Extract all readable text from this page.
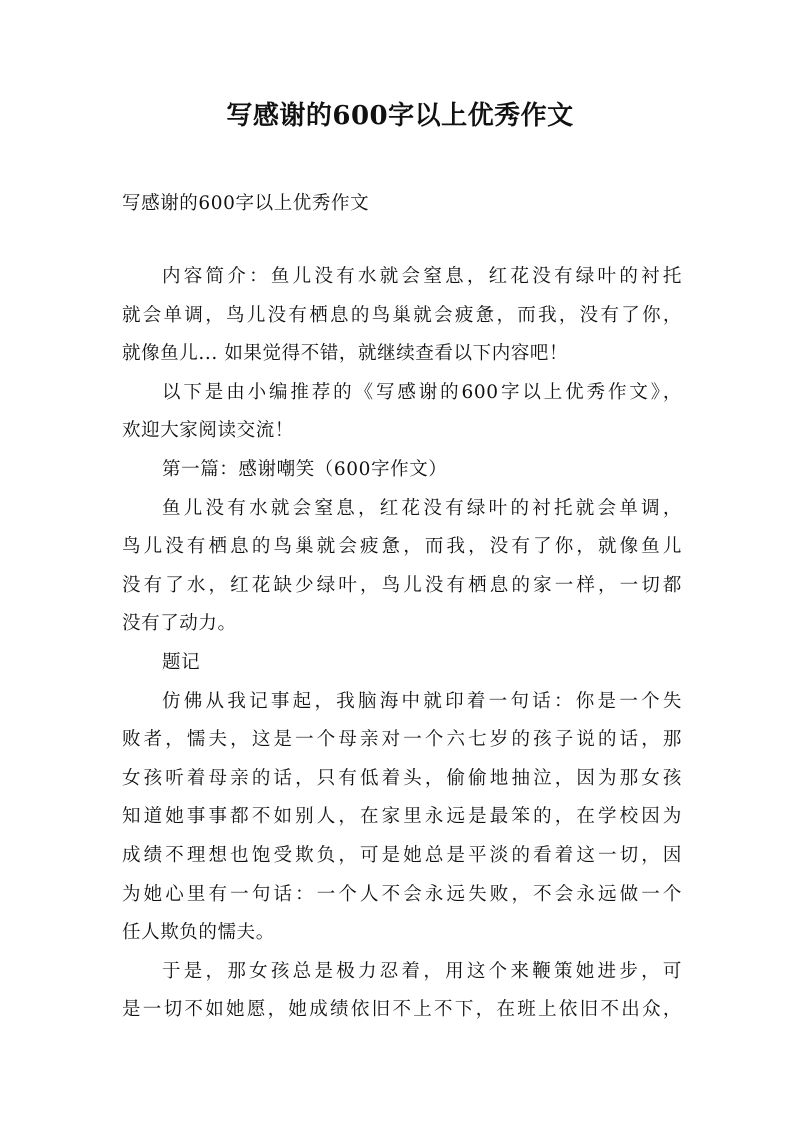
写感谢的600字以上优秀作文
写感谢的600字以上优秀作文
内容简介：鱼儿没有水就会窒息，红花没有绿叶的衬托
就会单调，鸟儿没有栖息的鸟巢就会疲惫，而我，没有了你，
就像鱼儿... 如果觉得不错，就继续查看以下内容吧！
以下是由小编推荐的《写感谢的600字以上优秀作文》，
欢迎大家阅读交流！
第一篇：感谢嘲笑（600字作文）
鱼儿没有水就会窒息，红花没有绿叶的衬托就会单调，
鸟儿没有栖息的鸟巢就会疲惫，而我，没有了你，就像鱼儿
没有了水，红花缺少绿叶，鸟儿没有栖息的家一样，一切都
没有了动力。
题记
仿佛从我记事起，我脑海中就印着一句话：你是一个失
败者，懦夫，这是一个母亲对一个六七岁的孩子说的话，那
女孩听着母亲的话，只有低着头，偷偷地抽泣，因为那女孩
知道她事事都不如别人，在家里永远是最笨的，在学校因为
成绩不理想也饱受欺负，可是她总是平淡的看着这一切，因
为她心里有一句话：一个人不会永远失败，不会永远做一个
任人欺负的懦夫。
于是，那女孩总是极力忍着，用这个来鞭策她进步，可
是一切不如她愿，她成绩依旧不上不下，在班上依旧不出众，
